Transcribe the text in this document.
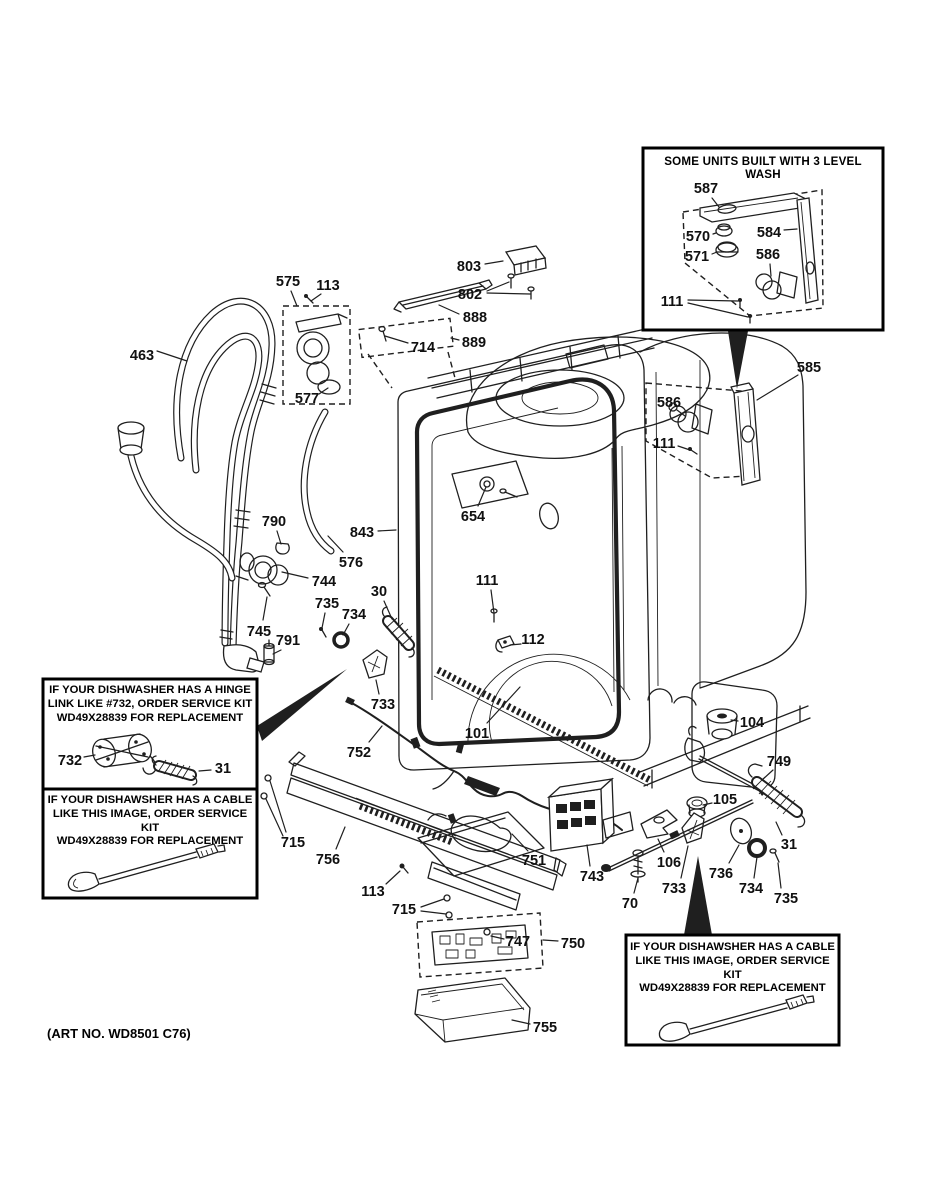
463
575 113
577
803
802
888
889
714
654
843
576
790
744
745
735
734
30
791
733
111
112
101
104
749
105
752
751
743
106
70
733
736
734
735
31
715
756
113
715
747 750
755
587
570	584
571	586
111
585
586
111
732	31
SOME UNITS BUILT WITH 3 LEVEL WASH
IF YOUR DISHWASHER HAS A HINGE
LINK LIKE #732, ORDER SERVICE KIT
WD49X28839 FOR REPLACEMENT
IF YOUR DISHAWSHER HAS A CABLE
LIKE THIS IMAGE, ORDER SERVICE KIT
WD49X28839 FOR REPLACEMENT
IF YOUR DISHAWSHER HAS A CABLE
LIKE THIS IMAGE, ORDER SERVICE KIT
WD49X28839 FOR REPLACEMENT
(ART NO. WD8501 C76)
